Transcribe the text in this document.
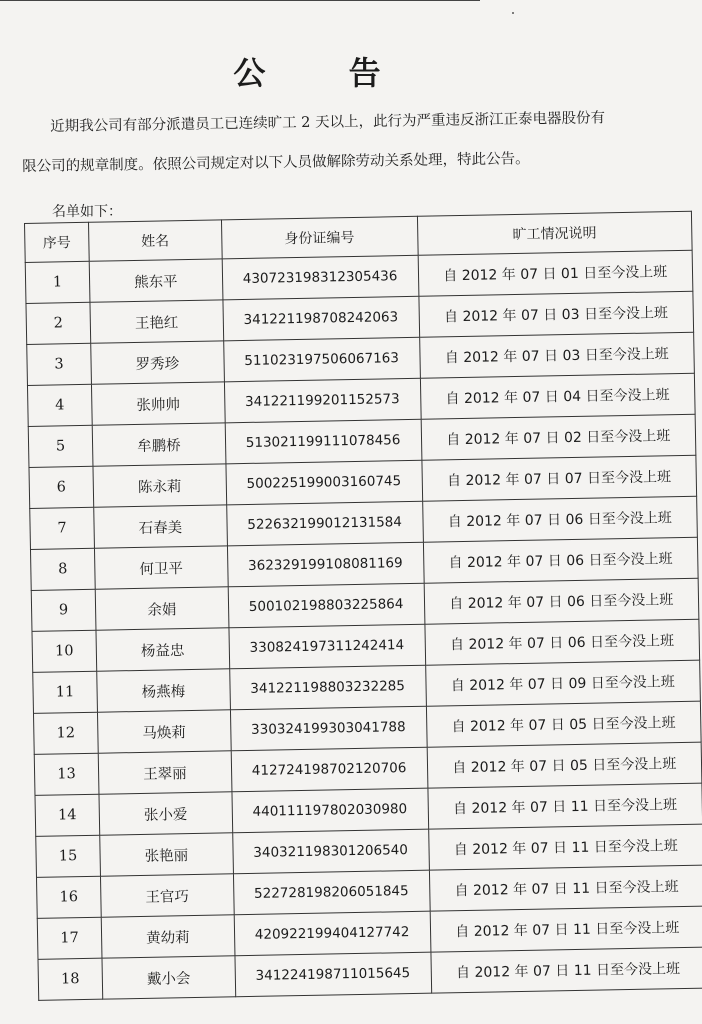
公 告
近期我公司有部分派遣员工已连续旷工 2 天以上，此行为严重违反浙江正泰电器股份有
限公司的规章制度。依照公司规定对以下人员做解除劳动关系处理，特此公告。
名单如下：
序号	姓名	身份证编号	旷工情况说明
1	熊东平	430723198312305436	自 2012 年 07 日 01 日至今没上班
2	王艳红	341221198708242063	自 2012 年 07 日 03 日至今没上班
3	罗秀珍	511023197506067163	自 2012 年 07 日 03 日至今没上班
4	张帅帅	341221199201152573	自 2012 年 07 日 04 日至今没上班
5	牟鹏桥	513021199111078456	自 2012 年 07 日 02 日至今没上班
6	陈永莉	500225199003160745	自 2012 年 07 日 07 日至今没上班
7	石春美	522632199012131584	自 2012 年 07 日 06 日至今没上班
8	何卫平	362329199108081169	自 2012 年 07 日 06 日至今没上班
9	余娟	500102198803225864	自 2012 年 07 日 06 日至今没上班
10	杨益忠	330824197311242414	自 2012 年 07 日 06 日至今没上班
11	杨燕梅	341221198803232285	自 2012 年 07 日 09 日至今没上班
12	马焕莉	330324199303041788	自 2012 年 07 日 05 日至今没上班
13	王翠丽	412724198702120706	自 2012 年 07 日 05 日至今没上班
14	张小爱	440111197802030980	自 2012 年 07 日 11 日至今没上班
15	张艳丽	340321198301206540	自 2012 年 07 日 11 日至今没上班
16	王官巧	522728198206051845	自 2012 年 07 日 11 日至今没上班
17	黄幼莉	420922199404127742	自 2012 年 07 日 11 日至今没上班
18	戴小会	341224198711015645	自 2012 年 07 日 11 日至今没上班
